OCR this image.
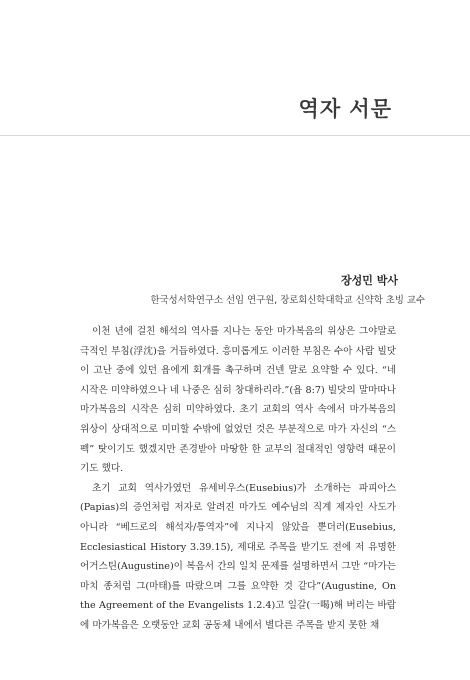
역자 서문
장성민 박사
한국성서학연구소 선임 연구원, 장로회신학대학교 신약학 초빙 교수

이천 년에 걸친 해석의 역사를 지나는 동안 마가복음의 위상은 그야말로 극적인 부침(浮沈)을 거듭하였다. 흥미롭게도 이러한 부침은 수아 사람 빌닷이 고난 중에 있던 욥에게 회개를 촉구하며 건넨 말로 요약할 수 있다. “네 시작은 미약하였으나 네 나중은 심히 창대하리라.”(욥 8:7) 빌닷의 말마따나 마가복음의 시작은 심히 미약하였다. 초기 교회의 역사 속에서 마가복음의 위상이 상대적으로 미미할 수밖에 없었던 것은 부분적으로 마가 자신의 “스펙” 탓이기도 했겠지만 존경받아 마땅한 한 교부의 절대적인 영향력 때문이기도 했다.

초기 교회 역사가였던 유세비우스(Eusebius)가 소개하는 파피아스(Papias)의 증언처럼 저자로 알려진 마가도 예수님의 직계 제자인 사도가 아니라 “베드로의 해석자/통역자”에 지나지 않았을 뿐더러(Eusebius, Ecclesiastical History 3.39.15), 제대로 주목을 받기도 전에 저 유명한 어거스틴(Augustine)이 복음서 간의 일치 문제를 설명하면서 그만 “마가는 마치 종처럼 그(마태)를 따랐으며 그를 요약한 것 같다”(Augustine, On the Agreement of the Evangelists 1.2.4)고 일갈(一喝)해 버리는 바람에 마가복음은 오랫동안 교회 공동체 내에서 별다른 주목을 받지 못한 채
